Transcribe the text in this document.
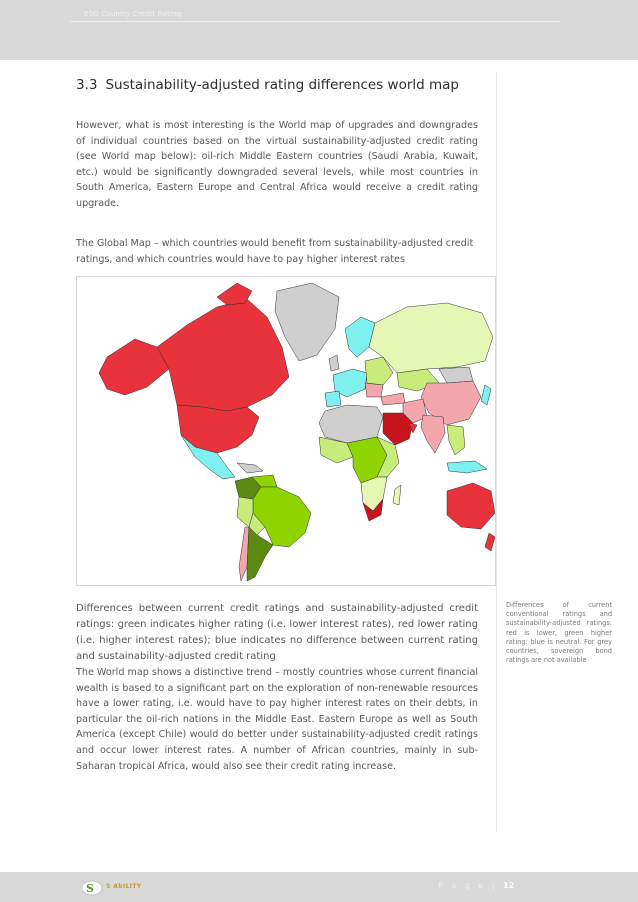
ESG Country Credit Rating
3.3 Sustainability-adjusted rating differences world map

However, what is most interesting is the World map of upgrades and downgrades of individual countries based on the virtual sustainability-adjusted credit rating (see World map below): oil-rich Middle Eastern countries (Saudi Arabia, Kuwait, etc.) would be significantly downgraded several levels, while most countries in South America, Eastern Europe and Central Africa would receive a credit rating upgrade.

The Global Map – which countries would benefit from sustainability-adjusted credit ratings, and which countries would have to pay higher interest rates

Differences between current credit ratings and sustainability-adjusted credit ratings: green indicates higher rating (i.e. lower interest rates), red lower rating (i.e. higher interest rates); blue indicates no difference between current rating and sustainability-adjusted credit rating

The World map shows a distinctive trend – mostly countries whose current financial wealth is based to a significant part on the exploration of non-renewable resources have a lower rating, i.e. would have to pay higher interest rates on their debts, in particular the oil-rich nations in the Middle East. Eastern Europe as well as South America (except Chile) would do better under sustainability-adjusted credit ratings and occur lower interest rates. A number of African countries, mainly in sub-Saharan tropical Africa, would also see their credit rating increase.

Differences of current conventional ratings and sustainability-adjusted ratings: red is lower, green higher rating; blue is neutral. For grey countries, sovereign bond ratings are not available
S S AbILITY	P a g e | 12
